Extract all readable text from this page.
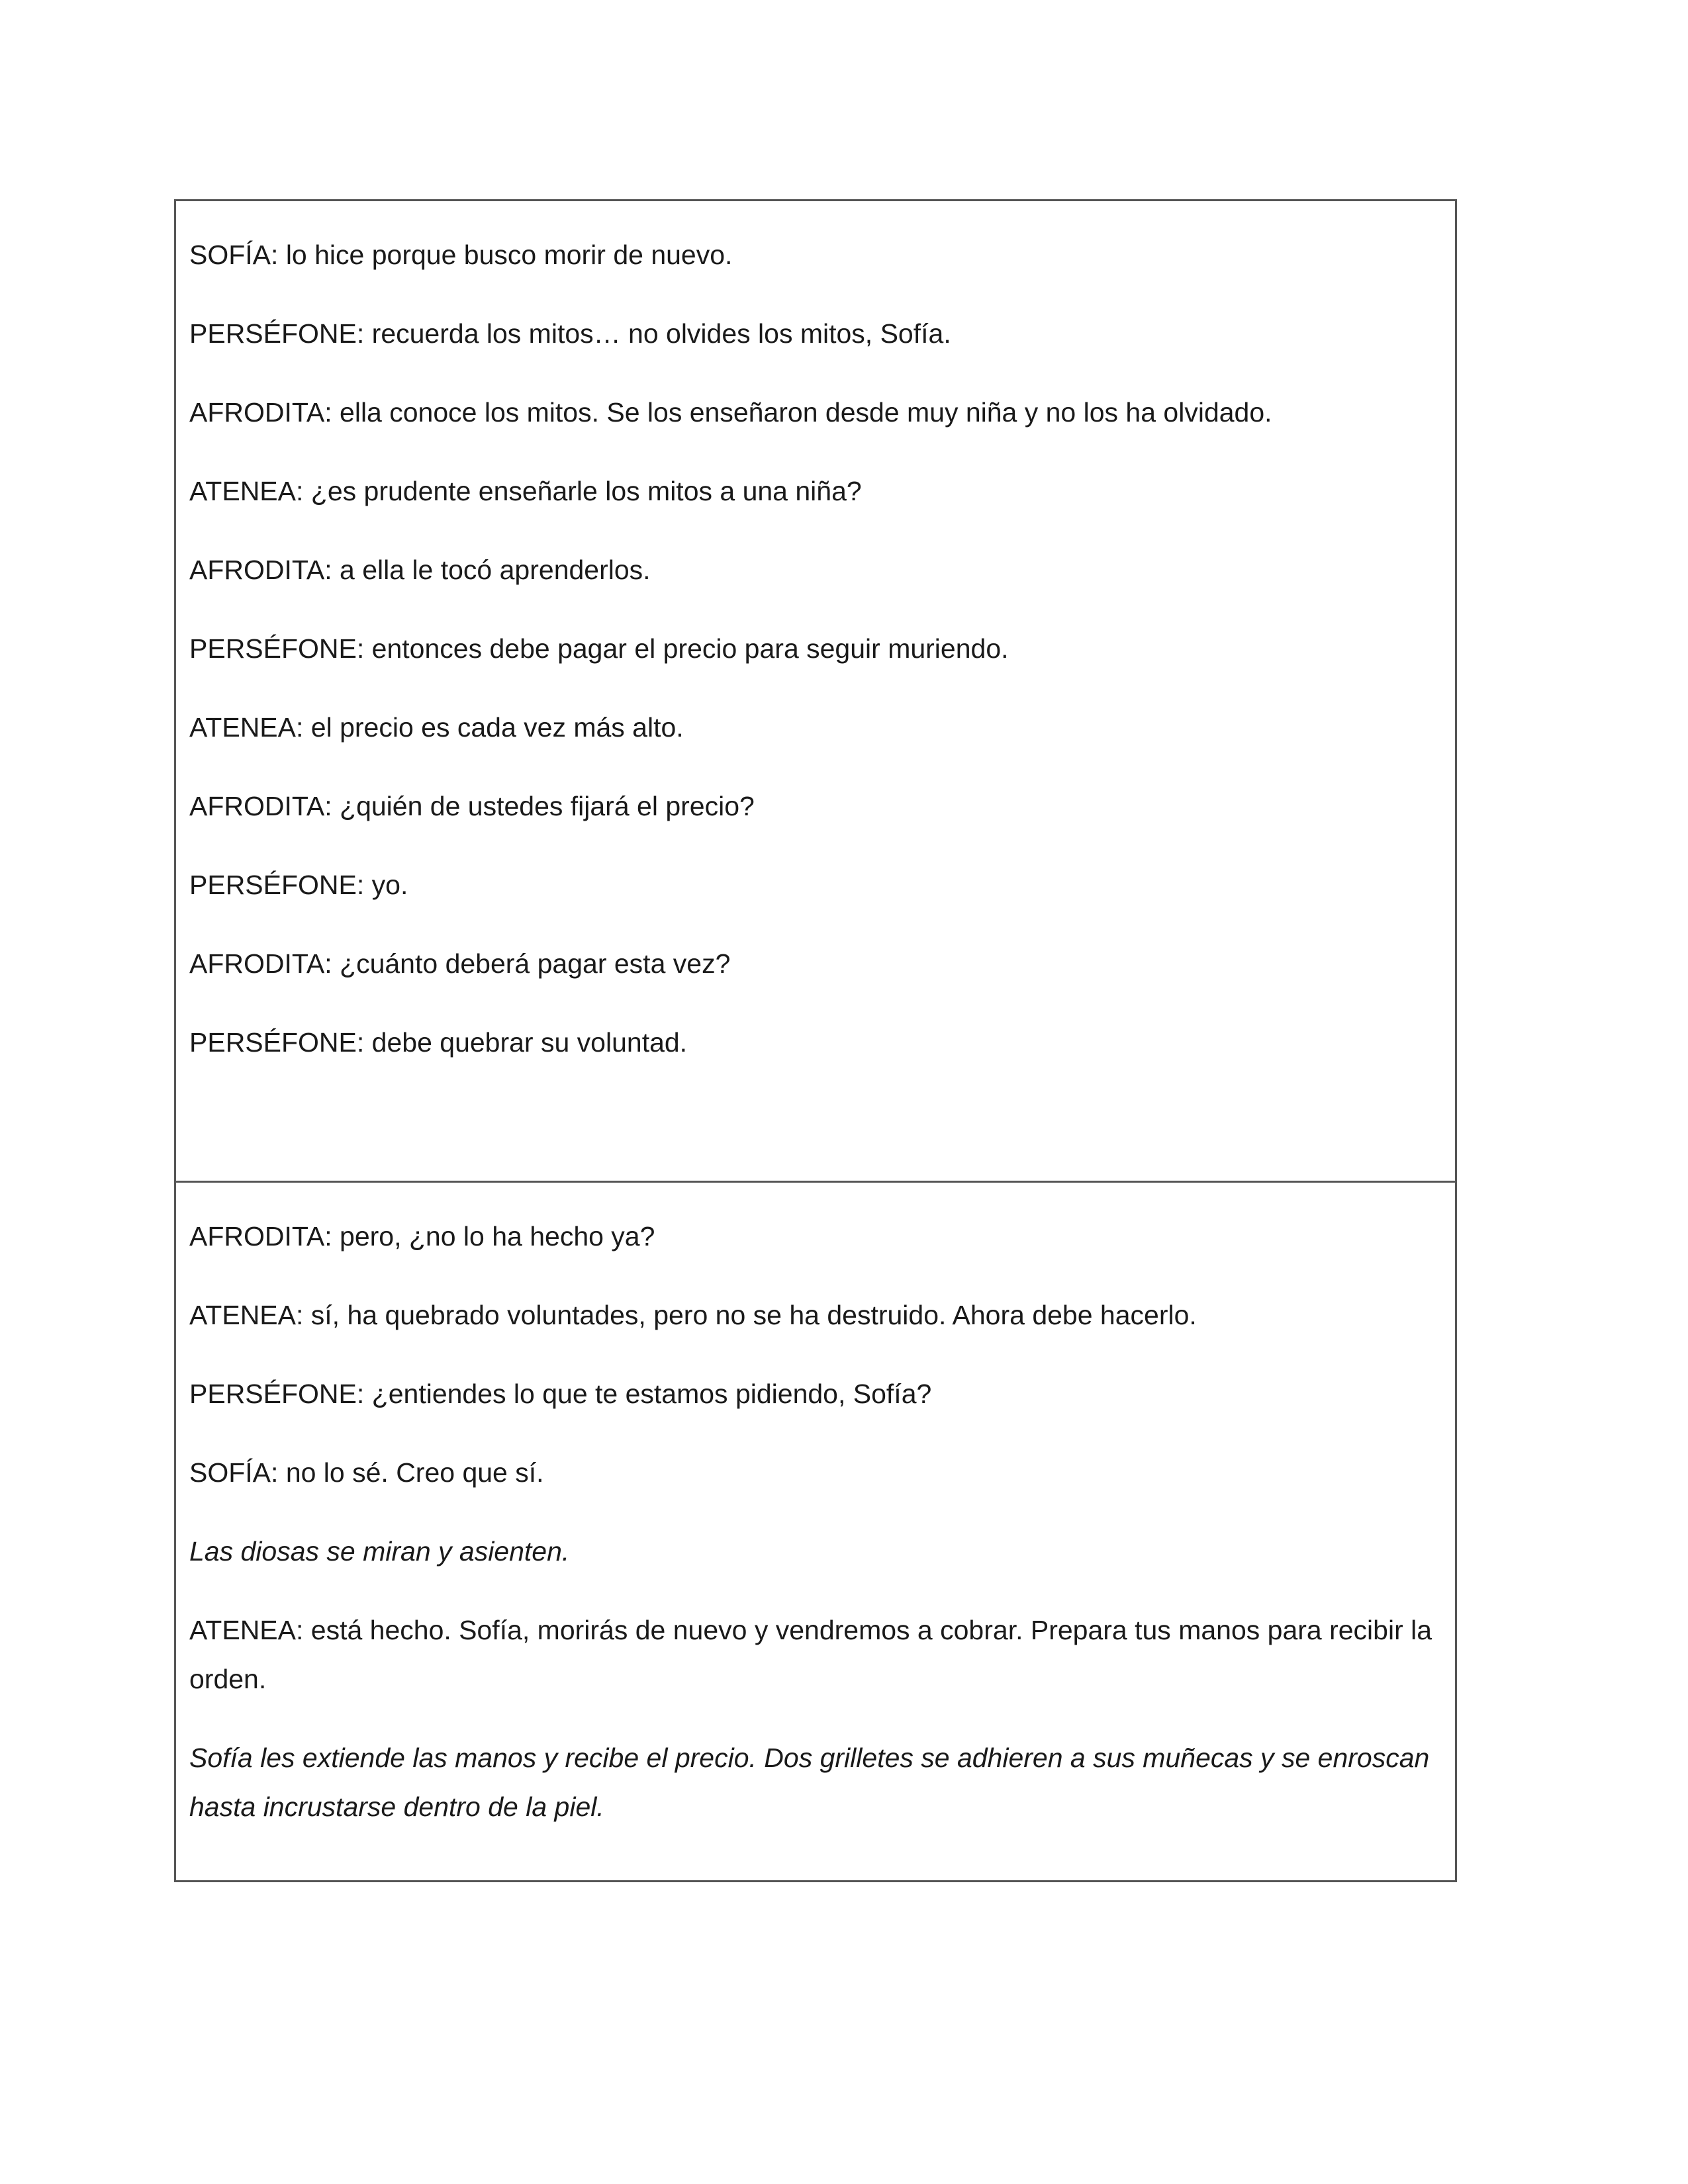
SOFÍA: lo hice porque busco morir de nuevo.

PERSÉFONE: recuerda los mitos… no olvides los mitos, Sofía.

AFRODITA: ella conoce los mitos. Se los enseñaron desde muy niña y no los ha olvidado.

ATENEA: ¿es prudente enseñarle los mitos a una niña?

AFRODITA: a ella le tocó aprenderlos.

PERSÉFONE: entonces debe pagar el precio para seguir muriendo.

ATENEA: el precio es cada vez más alto.

AFRODITA: ¿quién de ustedes fijará el precio?

PERSÉFONE: yo.

AFRODITA: ¿cuánto deberá pagar esta vez?

PERSÉFONE: debe quebrar su voluntad.

AFRODITA: pero, ¿no lo ha hecho ya?

ATENEA: sí, ha quebrado voluntades, pero no se ha destruido. Ahora debe hacerlo.

PERSÉFONE: ¿entiendes lo que te estamos pidiendo, Sofía?

SOFÍA: no lo sé. Creo que sí.

Las diosas se miran y asienten.

ATENEA: está hecho. Sofía, morirás de nuevo y vendremos a cobrar. Prepara tus manos para recibir la orden.

Sofía les extiende las manos y recibe el precio. Dos grilletes se adhieren a sus muñecas y se enroscan hasta incrustarse dentro de la piel.
